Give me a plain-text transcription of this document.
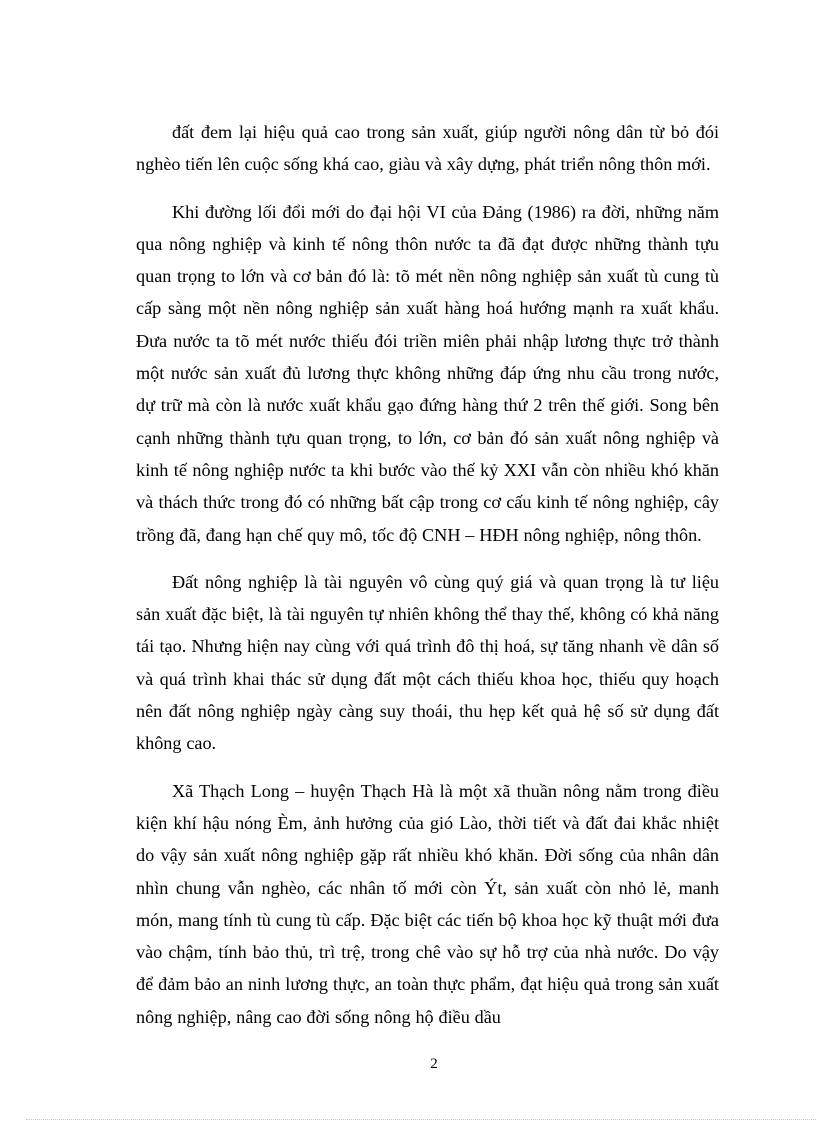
đất đem lại hiệu quả cao trong sản xuất, giúp người nông dân từ bỏ đói nghèo tiến lên cuộc sống khá cao, giàu và xây dựng, phát triển nông thôn mới.

Khi đường lối đổi mới do đại hội VI của Đảng (1986) ra đời, những năm qua nông nghiệp và kinh tế nông thôn nước ta đã đạt được những thành tựu quan trọng to lớn và cơ bản đó là: tõ mét nền nông nghiệp sản xuất tù cung tù cấp sàng một nền nông nghiệp sản xuất hàng hoá hướng mạnh ra xuất khẩu. Đưa nước ta tõ mét nước thiếu đói triền miên phải nhập lương thực trở thành một nước sản xuất đủ lương thực không những đáp ứng nhu cầu trong nước, dự trữ mà còn là nước xuất khẩu gạo đứng hàng thứ 2 trên thế giới. Song bên cạnh những thành tựu quan trọng, to lớn, cơ bản đó sản xuất nông nghiệp và kinh tế nông nghiệp nước ta khi bước vào thế kỷ XXI vẫn còn nhiều khó khăn và thách thức trong đó có những bất cập trong cơ cấu kinh tế nông nghiệp, cây trồng đã, đang hạn chế quy mô, tốc độ CNH – HĐH nông nghiệp, nông thôn.

Đất nông nghiệp là tài nguyên vô cùng quý giá và quan trọng là tư liệu sản xuất đặc biệt, là tài nguyên tự nhiên không thể thay thế, không có khả năng tái tạo. Nhưng hiện nay cùng với quá trình đô thị hoá, sự tăng nhanh về dân số và quá trình khai thác sử dụng đất một cách thiếu khoa học, thiếu quy hoạch nên đất nông nghiệp ngày càng suy thoái, thu hẹp kết quả hệ số sử dụng đất không cao.

Xã Thạch Long – huyện Thạch Hà là một xã thuần nông nằm trong điều kiện khí hậu nóng Èm, ảnh hưởng của gió Lào, thời tiết và đất đai khắc nhiệt do vậy sản xuất nông nghiệp gặp rất nhiều khó khăn. Đời sống của nhân dân nhìn chung vẫn nghèo, các nhân tố mới còn Ýt, sản xuất còn nhỏ lẻ, manh món, mang tính tù cung tù cấp. Đặc biệt các tiến bộ khoa học kỹ thuật mới đưa vào chậm, tính bảo thủ, trì trệ, trong chê vào sự hỗ trợ của nhà nước. Do vậy để đảm bảo an ninh lương thực, an toàn thực phẩm, đạt hiệu quả trong sản xuất nông nghiệp, nâng cao đời sống nông hộ điều dầu

2
